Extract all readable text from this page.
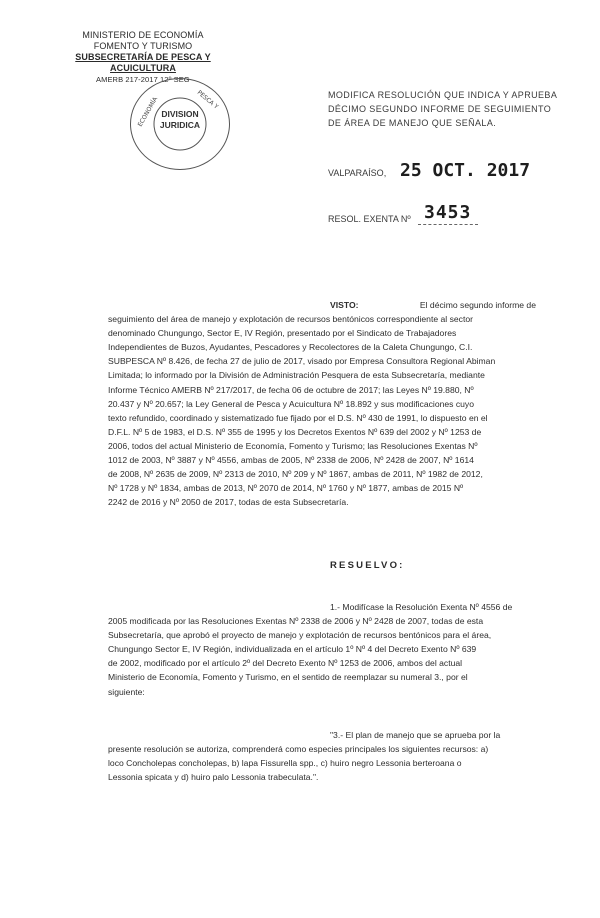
MINISTERIO DE ECONOMÍA
FOMENTO Y TURISMO
SUBSECRETARÍA DE PESCA Y ACUICULTURA
AMERB 217-2017 12º SEG
ECONOMÍA	PESCA Y
DIVISION
JURIDICA
MODIFICA RESOLUCIÓN QUE INDICA Y APRUEBA
DÉCIMO SEGUNDO INFORME DE SEGUIMIENTO
DE ÁREA DE MANEJO QUE SEÑALA.
VALPARAÍSO, 25 OCT. 2017
RESOL. EXENTA Nº 3453
VISTO:	El décimo segundo informe de
seguimiento del área de manejo y explotación de recursos bentónicos correspondiente al sector
denominado Chungungo, Sector E, IV Región, presentado por el Sindicato de Trabajadores
Independientes de Buzos, Ayudantes, Pescadores y Recolectores de la Caleta Chungungo, C.I.
SUBPESCA Nº 8.426, de fecha 27 de julio de 2017, visado por Empresa Consultora Regional Abiman
Limitada; lo informado por la División de Administración Pesquera de esta Subsecretaría, mediante
Informe Técnico AMERB Nº 217/2017, de fecha 06 de octubre de 2017; las Leyes Nº 19.880, Nº
20.437 y Nº 20.657; la Ley General de Pesca y Acuicultura Nº 18.892 y sus modificaciones cuyo
texto refundido, coordinado y sistematizado fue fijado por el D.S. Nº 430 de 1991, lo dispuesto en el
D.F.L. Nº 5 de 1983, el D.S. Nº 355 de 1995 y los Decretos Exentos Nº 639 del 2002 y Nº 1253 de
2006, todos del actual Ministerio de Economía, Fomento y Turismo; las Resoluciones Exentas Nº
1012 de 2003, Nº 3887 y Nº 4556, ambas de 2005, Nº 2338 de 2006, Nº 2428 de 2007, Nº 1614
de 2008, Nº 2635 de 2009, Nº 2313 de 2010, Nº 209 y Nº 1867, ambas de 2011, Nº 1982 de 2012,
Nº 1728 y Nº 1834, ambas de 2013, Nº 2070 de 2014, Nº 1760 y Nº 1877, ambas de 2015 Nº
2242 de 2016 y Nº 2050 de 2017, todas de esta Subsecretaría.
RESUELVO:
1.- Modifícase la Resolución Exenta Nº 4556 de
2005 modificada por las Resoluciones Exentas Nº 2338 de 2006 y Nº 2428 de 2007, todas de esta
Subsecretaría, que aprobó el proyecto de manejo y explotación de recursos bentónicos para el área,
Chungungo Sector E, IV Región, individualizada en el artículo 1º Nº 4 del Decreto Exento Nº 639
de 2002, modificado por el artículo 2º del Decreto Exento Nº 1253 de 2006, ambos del actual
Ministerio de Economía, Fomento y Turismo, en el sentido de reemplazar su numeral 3., por el
siguiente:
"3.- El plan de manejo que se aprueba por la
presente resolución se autoriza, comprenderá como especies principales los siguientes recursos: a)
loco Concholepas concholepas, b) lapa Fissurella spp., c) huiro negro Lessonia berteroana o
Lessonia spicata y d) huiro palo Lessonia trabeculata.".
